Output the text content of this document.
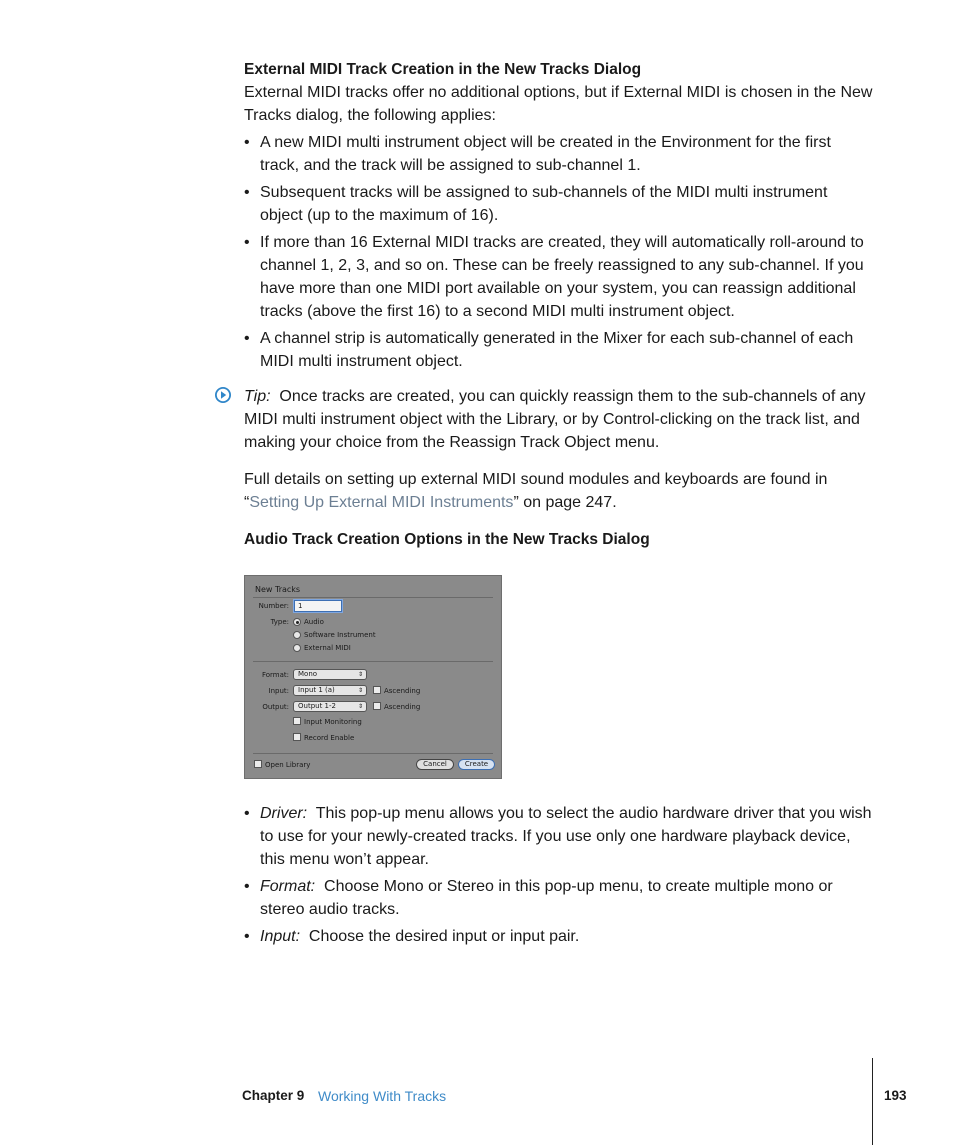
External MIDI Track Creation in the New Tracks Dialog

External MIDI tracks offer no additional options, but if External MIDI is chosen in the New Tracks dialog, the following applies:

• A new MIDI multi instrument object will be created in the Environment for the first track, and the track will be assigned to sub-channel 1.
• Subsequent tracks will be assigned to sub-channels of the MIDI multi instrument object (up to the maximum of 16).
• If more than 16 External MIDI tracks are created, they will automatically roll-around to channel 1, 2, 3, and so on. These can be freely reassigned to any sub-channel. If you have more than one MIDI port available on your system, you can reassign additional tracks (above the first 16) to a second MIDI multi instrument object.
• A channel strip is automatically generated in the Mixer for each sub-channel of each MIDI multi instrument object.

Tip: Once tracks are created, you can quickly reassign them to the sub-channels of any MIDI multi instrument object with the Library, or by Control-clicking on the track list, and making your choice from the Reassign Track Object menu.

Full details on setting up external MIDI sound modules and keyboards are found in “Setting Up External MIDI Instruments” on page 247.

Audio Track Creation Options in the New Tracks Dialog

New Tracks
Number:	1
Type: Audio
Software Instrument
External MIDI
Format:	Mono	⇕
Input:	Input 1 (a)	⇕	Ascending
Output:	Output 1-2	⇕	Ascending
Input Monitoring
Record Enable
Open Library	Cancel	Create
• Driver: This pop-up menu allows you to select the audio hardware driver that you wish to use for your newly-created tracks. If you use only one hardware playback device, this menu won’t appear.
• Format: Choose Mono or Stereo in this pop-up menu, to create multiple mono or stereo audio tracks.
• Input: Choose the desired input or input pair.
Chapter 9 Working With Tracks	193
